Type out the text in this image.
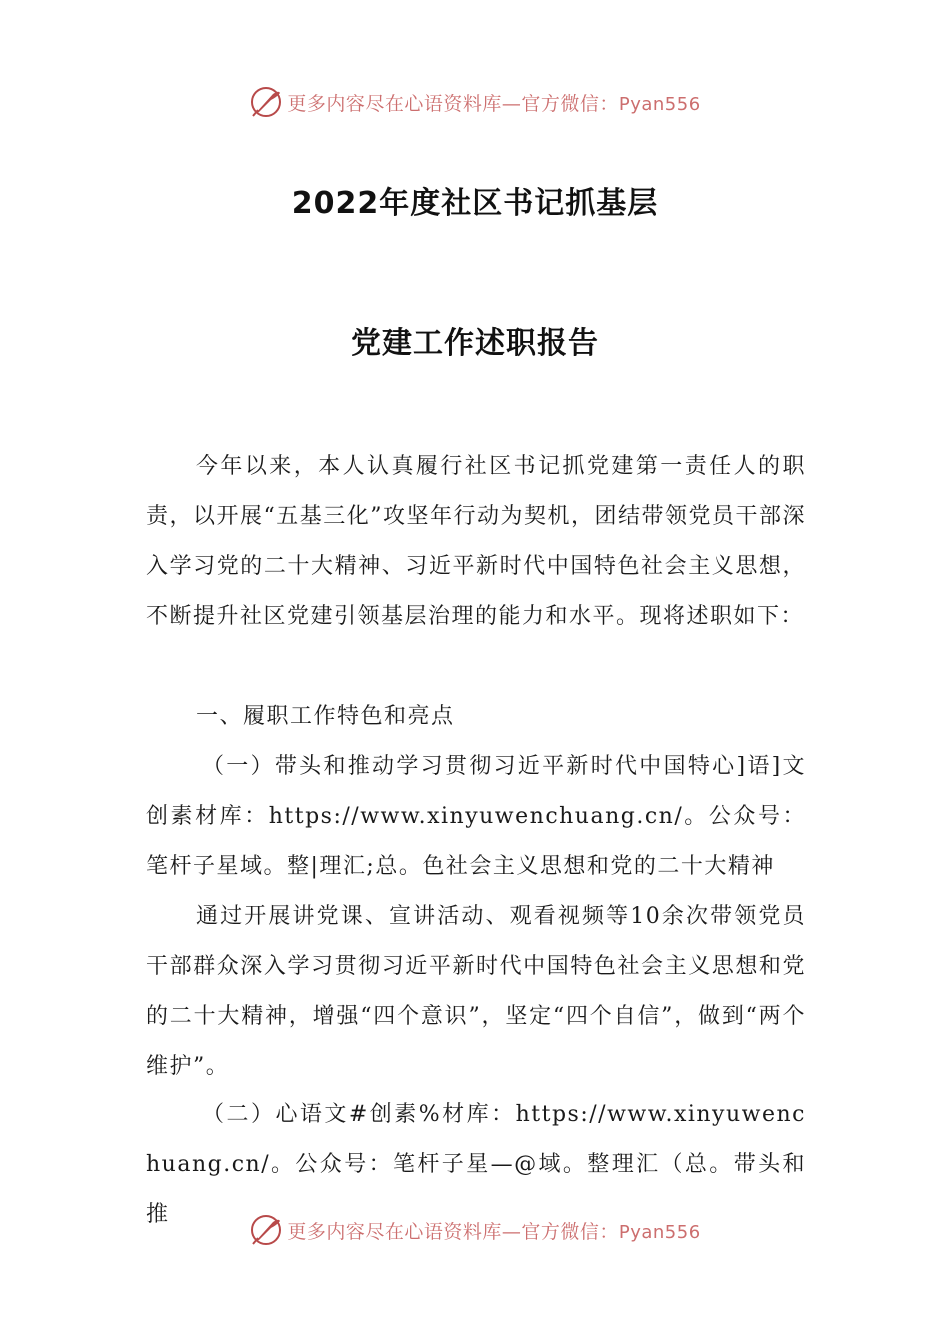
更多内容尽在心语资料库—官方微信：Pyan556
2022年度社区书记抓基层
党建工作述职报告
今年以来，本人认真履行社区书记抓党建第一责任人的职责，以开展“五基三化”攻坚年行动为契机，团结带领党员干部深入学习党的二十大精神、习近平新时代中国特色社会主义思想，不断提升社区党建引领基层治理的能力和水平。现将述职如下：
一、履职工作特色和亮点
（一）带头和推动学习贯彻习近平新时代中国特心]语]文创素材库：https://www.xinyuwenchuang.cn/。公众号：笔杆子星域。整|理汇;总。色社会主义思想和党的二十大精神
通过开展讲党课、宣讲活动、观看视频等10余次带领党员干部群众深入学习贯彻习近平新时代中国特色社会主义思想和党的二十大精神，增强“四个意识”，坚定“四个自信”，做到“两个维护”。
（二）心语文#创素%材库：https://www.xinyuwenchuang.cn/。公众号：笔杆子星—@域。整理汇（总。带头和推
更多内容尽在心语资料库—官方微信：Pyan556
